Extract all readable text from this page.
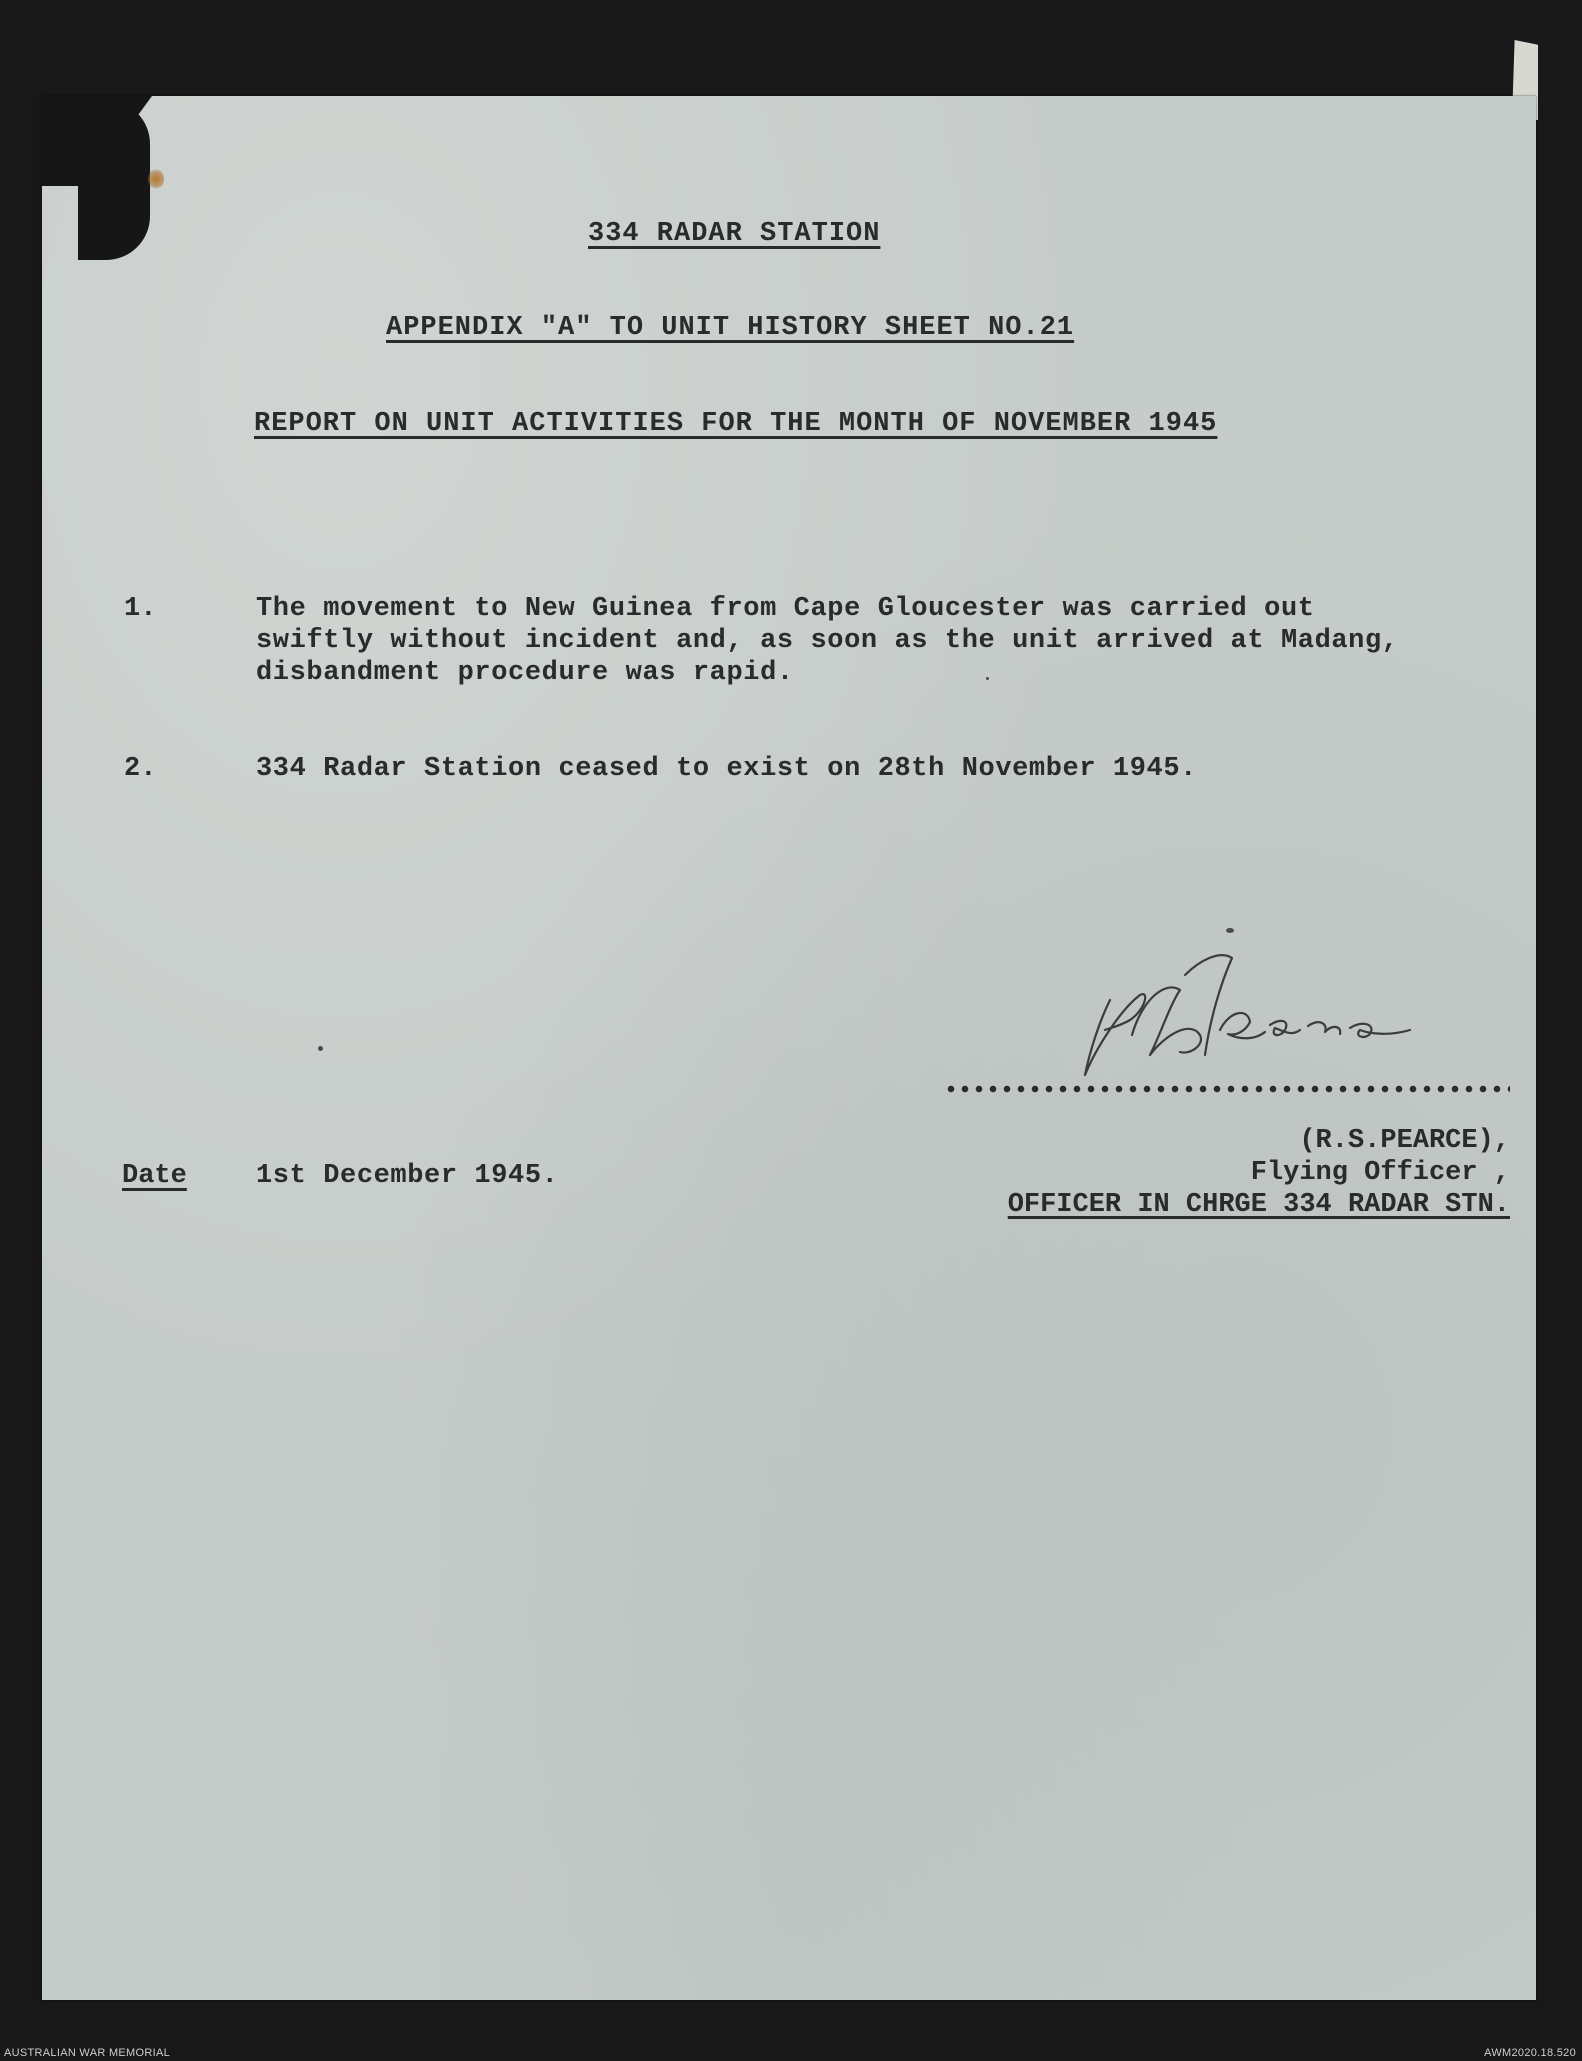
334 RADAR STATION
APPENDIX "A" TO UNIT HISTORY SHEET NO.21
REPORT ON UNIT ACTIVITIES FOR THE MONTH OF NOVEMBER 1945
1.	The movement to New Guinea from Cape Gloucester was carried out
swiftly without incident and, as soon as the unit arrived at Madang,
disbandment procedure was rapid.
2.	334 Radar Station ceased to exist on 28th November 1945.
(R.S.PEARCE),
Flying Officer ,
OFFICER IN CHRGE 334 RADAR STN.
Date	1st December 1945.
AUSTRALIAN WAR MEMORIAL	AWM2020.18.520
